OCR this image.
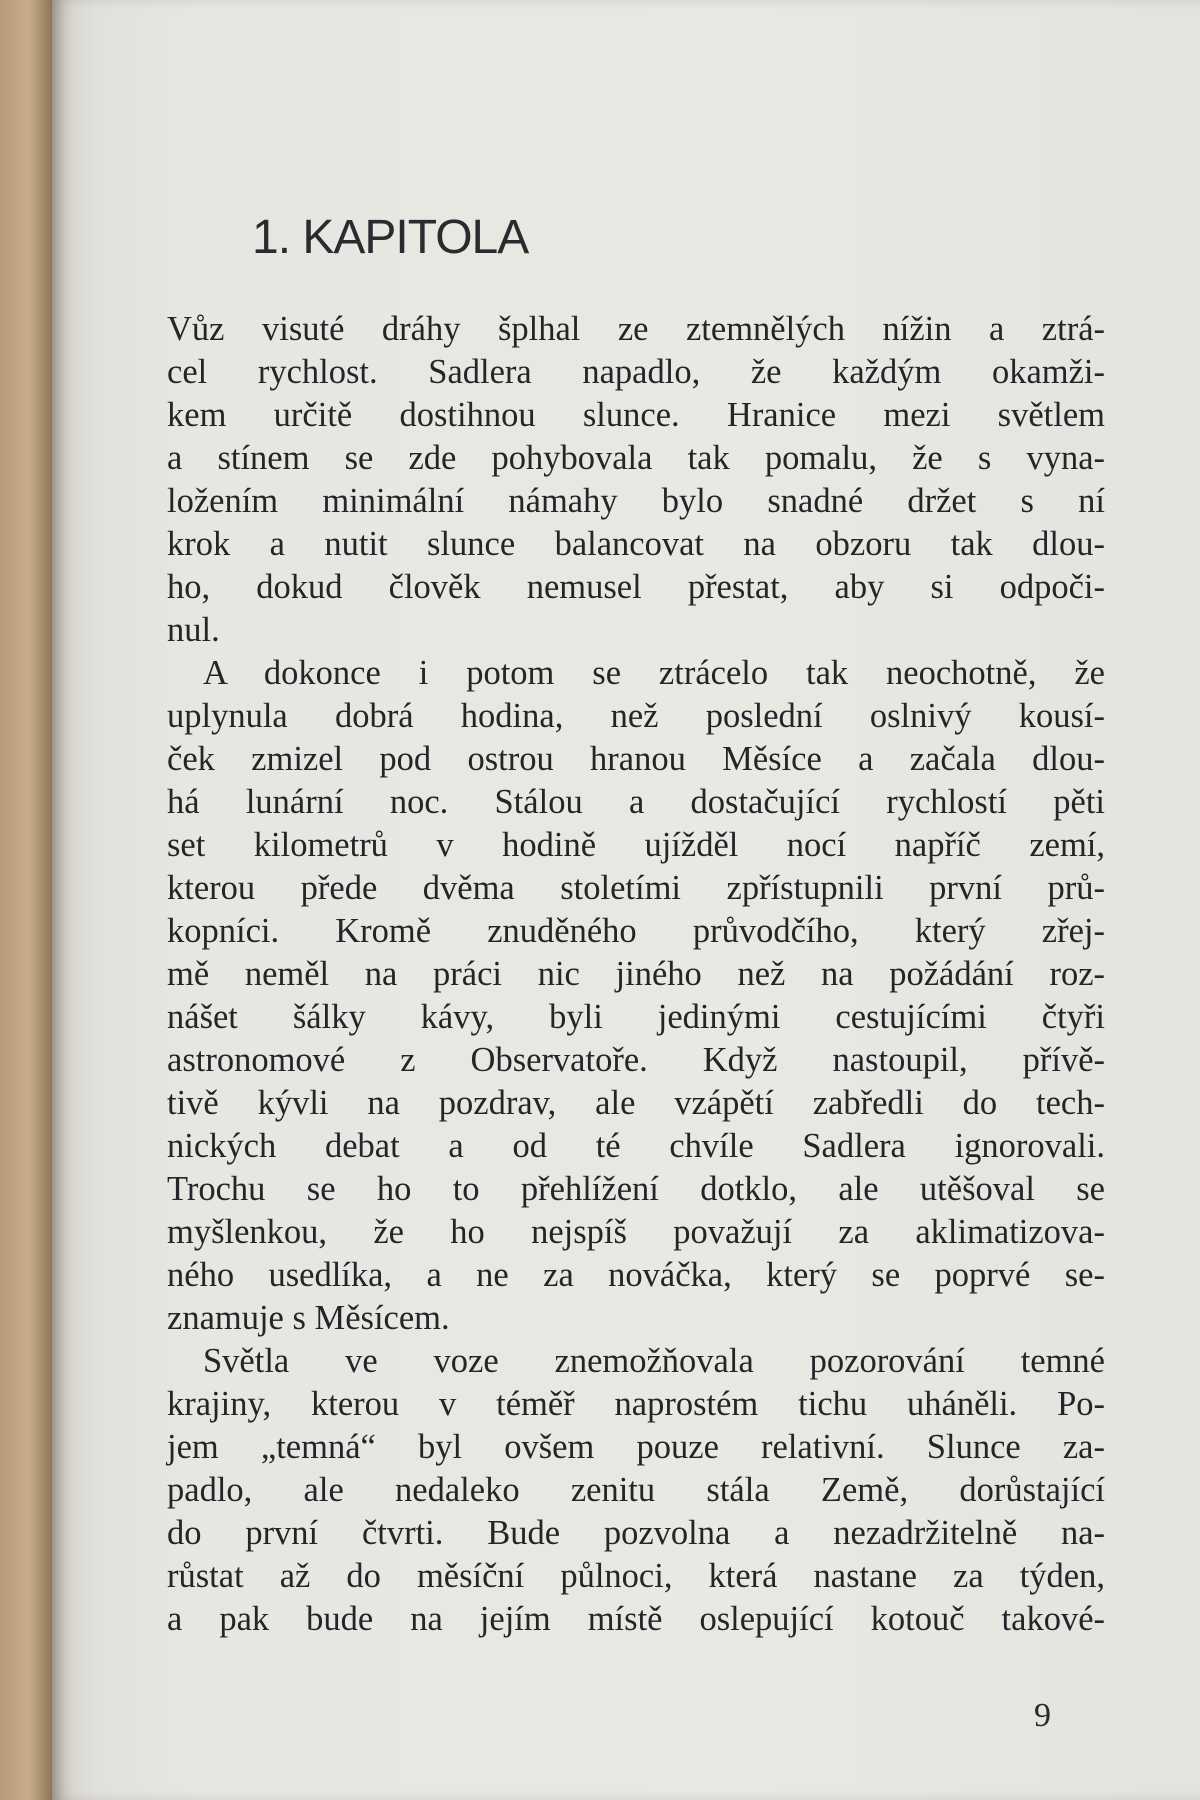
1. KAPITOLA

Vůz visuté dráhy šplhal ze ztemnělých nížin a ztrá-

cel rychlost. Sadlera napadlo, že každým okamži-

kem určitě dostihnou slunce. Hranice mezi světlem

a stínem se zde pohybovala tak pomalu, že s vyna-

ložením minimální námahy bylo snadné držet s ní

krok a nutit slunce balancovat na obzoru tak dlou-

ho, dokud člověk nemusel přestat, aby si odpoči-

nul.

A dokonce i potom se ztrácelo tak neochotně, že

uplynula dobrá hodina, než poslední oslnivý kousí-

ček zmizel pod ostrou hranou Měsíce a začala dlou-

há lunární noc. Stálou a dostačující rychlostí pěti

set kilometrů v hodině ujížděl nocí napříč zemí,

kterou přede dvěma stoletími zpřístupnili první prů-

kopníci. Kromě znuděného průvodčího, který zřej-

mě neměl na práci nic jiného než na požádání roz-

nášet šálky kávy, byli jedinými cestujícími čtyři

astronomové z Observatoře. Když nastoupil, přívě-

tivě kývli na pozdrav, ale vzápětí zabředli do tech-

nických debat a od té chvíle Sadlera ignorovali.

Trochu se ho to přehlížení dotklo, ale utěšoval se

myšlenkou, že ho nejspíš považují za aklimatizova-

ného usedlíka, a ne za nováčka, který se poprvé se-

znamuje s Měsícem.

Světla ve voze znemožňovala pozorování temné

krajiny, kterou v téměř naprostém tichu uháněli. Po-

jem „temná“ byl ovšem pouze relativní. Slunce za-

padlo, ale nedaleko zenitu stála Země, dorůstající

do první čtvrti. Bude pozvolna a nezadržitelně na-

růstat až do měsíční půlnoci, která nastane za týden,

a pak bude na jejím místě oslepující kotouč takové-

9
